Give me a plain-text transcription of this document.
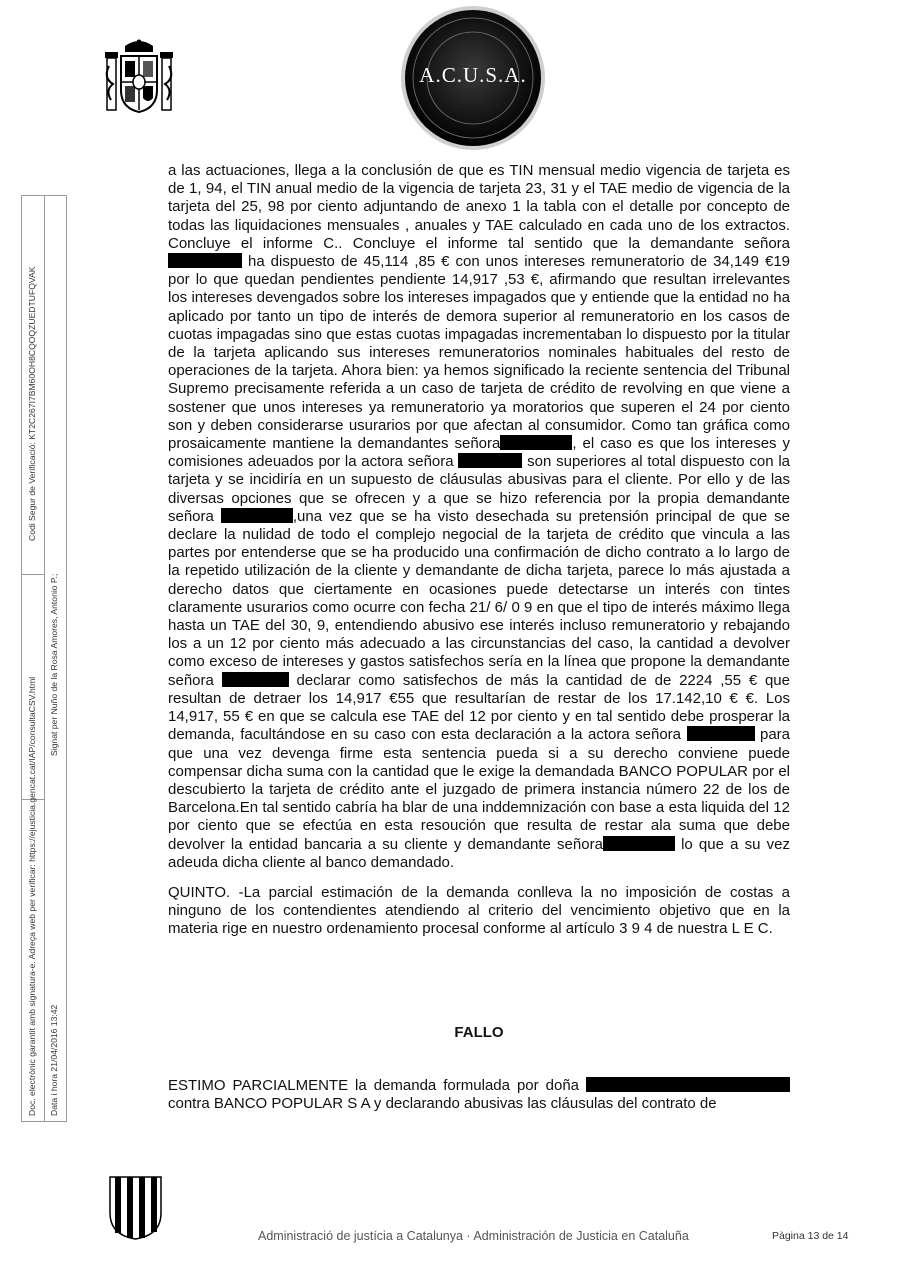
A.C.U.S.A.
Doc. electrònic garantit amb signatura-e. Adreça web per verificar: https://ejusticia.gencat.cat/IAP/consultaCSV.html
Codi Segur de Verificació: KT2C267I7BM60OH8CQOQZUEDTUFQVAK
Data i hora 21/04/2016 13:42
Signat per Nuño de la Rosa Amores, Antonio P.;

a las actuaciones, llega a la conclusión de que es TIN mensual medio vigencia de tarjeta es de 1, 94, el TIN anual medio de la vigencia de tarjeta 23, 31 y el TAE medio de vigencia de la tarjeta del 25, 98 por ciento adjuntando de anexo 1 la tabla con el detalle por concepto de todas las liquidaciones mensuales , anuales y TAE calculado en cada uno de los extractos. Concluye el informe C.. Concluye el informe tal sentido que la demandante señora  ha dispuesto de 45,114 ,85 € con unos intereses remuneratorio de 34,149 €19 por lo que quedan pendientes pendiente 14,917 ,53 €, afirmando que resultan irrelevantes los intereses devengados sobre los intereses impagados que y entiende que la entidad no ha aplicado por tanto un tipo de interés de demora superior al remuneratorio en los casos de cuotas impagadas sino que estas cuotas impagadas incrementaban lo dispuesto por la titular de la tarjeta aplicando sus intereses remuneratorios nominales habituales del resto de operaciones de la tarjeta. Ahora bien: ya hemos significado la reciente sentencia del Tribunal Supremo precisamente referida a un caso de tarjeta de crédito de revolving en que viene a sostener que unos intereses ya remuneratorio ya moratorios que superen el 24 por ciento son y deben considerarse usurarios por que afectan al consumidor. Como tan gráfica como prosaicamente mantiene la demandantes señora	, el caso es que los intereses y comisiones adeuados por la actora señora	son superiores al total dispuesto con la tarjeta y se incidiría en un supuesto de cláusulas abusivas para el cliente. Por ello y de las diversas opciones que se ofrecen y a que se hizo referencia por la propia demandante señora	,una vez que se ha visto desechada su pretensión principal de que se declare la nulidad de todo el complejo negocial de la tarjeta de crédito que vincula a las partes por entenderse que se ha producido una confirmación de dicho contrato a lo largo de la repetido utilización de la cliente y demandante de dicha tarjeta, parece lo más ajustada a derecho datos que ciertamente en ocasiones puede detectarse un interés con tintes claramente usurarios como ocurre con fecha 21/ 6/ 0 9 en que el tipo de interés máximo llega hasta un TAE del 30, 9, entendiendo abusivo ese interés incluso remuneratorio y rebajando los a un 12 por ciento más adecuado a las circunstancias del caso, la cantidad a devolver como exceso de intereses y gastos satisfechos sería en la línea que propone la demandante señora	declarar como satisfechos de más la cantidad de de 2224 ,55 € que resultan de detraer los 14,917 €55 que resultarían de restar de los 17.142,10 € €. Los 14,917, 55 € en que se calcula ese TAE del 12 por ciento y en tal sentido debe prosperar la demanda, facultándose en su caso con esta declaración a la actora señora	para que una vez devenga firme esta sentencia pueda si a su derecho conviene puede compensar dicha suma con la cantidad que le exige la demandada BANCO POPULAR por el descubierto la tarjeta de crédito ante el juzgado de primera instancia número 22 de los de Barcelona.En tal sentido cabría ha blar de una inddemnización con base a esta liquida del 12 por ciento que se efectúa en esta resoución que resulta de restar ala suma que debe devolver la entidad bancaria a su cliente y demandante señora	lo que a su vez adeuda dicha cliente al banco demandado.

QUINTO. -La parcial estimación de la demanda conlleva la no imposición de costas a ninguno de los contendientes atendiendo al criterio del vencimiento objetivo que en la materia rige en nuestro ordenamiento procesal conforme al artículo 3 9 4 de nuestra L E C.

FALLO
ESTIMO PARCIALMENTE la demanda formulada por doña  contra BANCO POPULAR S A y declarando abusivas las cláusulas del contrato de
Administració de justícia a Catalunya · Administración de Justicia en Cataluña	Pàgina 13 de 14
